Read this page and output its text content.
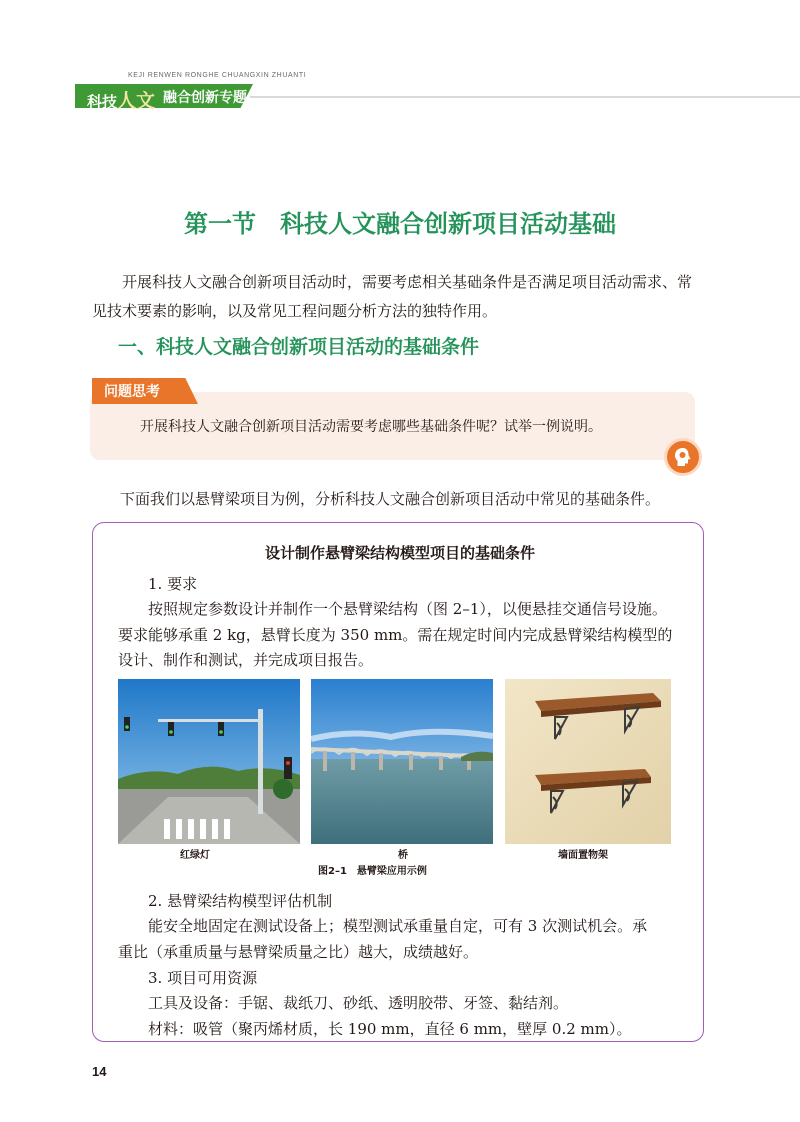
KEJI RENWEN RONGHE CHUANGXIN ZHUANTI
科技人文 融合创新专题
第一节　科技人文融合创新项目活动基础
开展科技人文融合创新项目活动时，需要考虑相关基础条件是否满足项目活动需求、常见技术要素的影响，以及常见工程问题分析方法的独特作用。
一、科技人文融合创新项目活动的基础条件
问题思考
开展科技人文融合创新项目活动需要考虑哪些基础条件呢？试举一例说明。
下面我们以悬臂梁项目为例，分析科技人文融合创新项目活动中常见的基础条件。
设计制作悬臂梁结构模型项目的基础条件
1. 要求
按照规定参数设计并制作一个悬臂梁结构（图 2–1），以便悬挂交通信号设施。
要求能够承重 2 kg，悬臂长度为 350 mm。需在规定时间内完成悬臂梁结构模型的
设计、制作和测试，并完成项目报告。
红绿灯	桥	墙面置物架
图2–1　悬臂梁应用示例
2. 悬臂梁结构模型评估机制
能安全地固定在测试设备上；模型测试承重量自定，可有 3 次测试机会。承
重比（承重质量与悬臂梁质量之比）越大，成绩越好。
3. 项目可用资源
工具及设备：手锯、裁纸刀、砂纸、透明胶带、牙签、黏结剂。
材料：吸管（聚丙烯材质，长 190 mm，直径 6 mm，壁厚 0.2 mm）。
14
